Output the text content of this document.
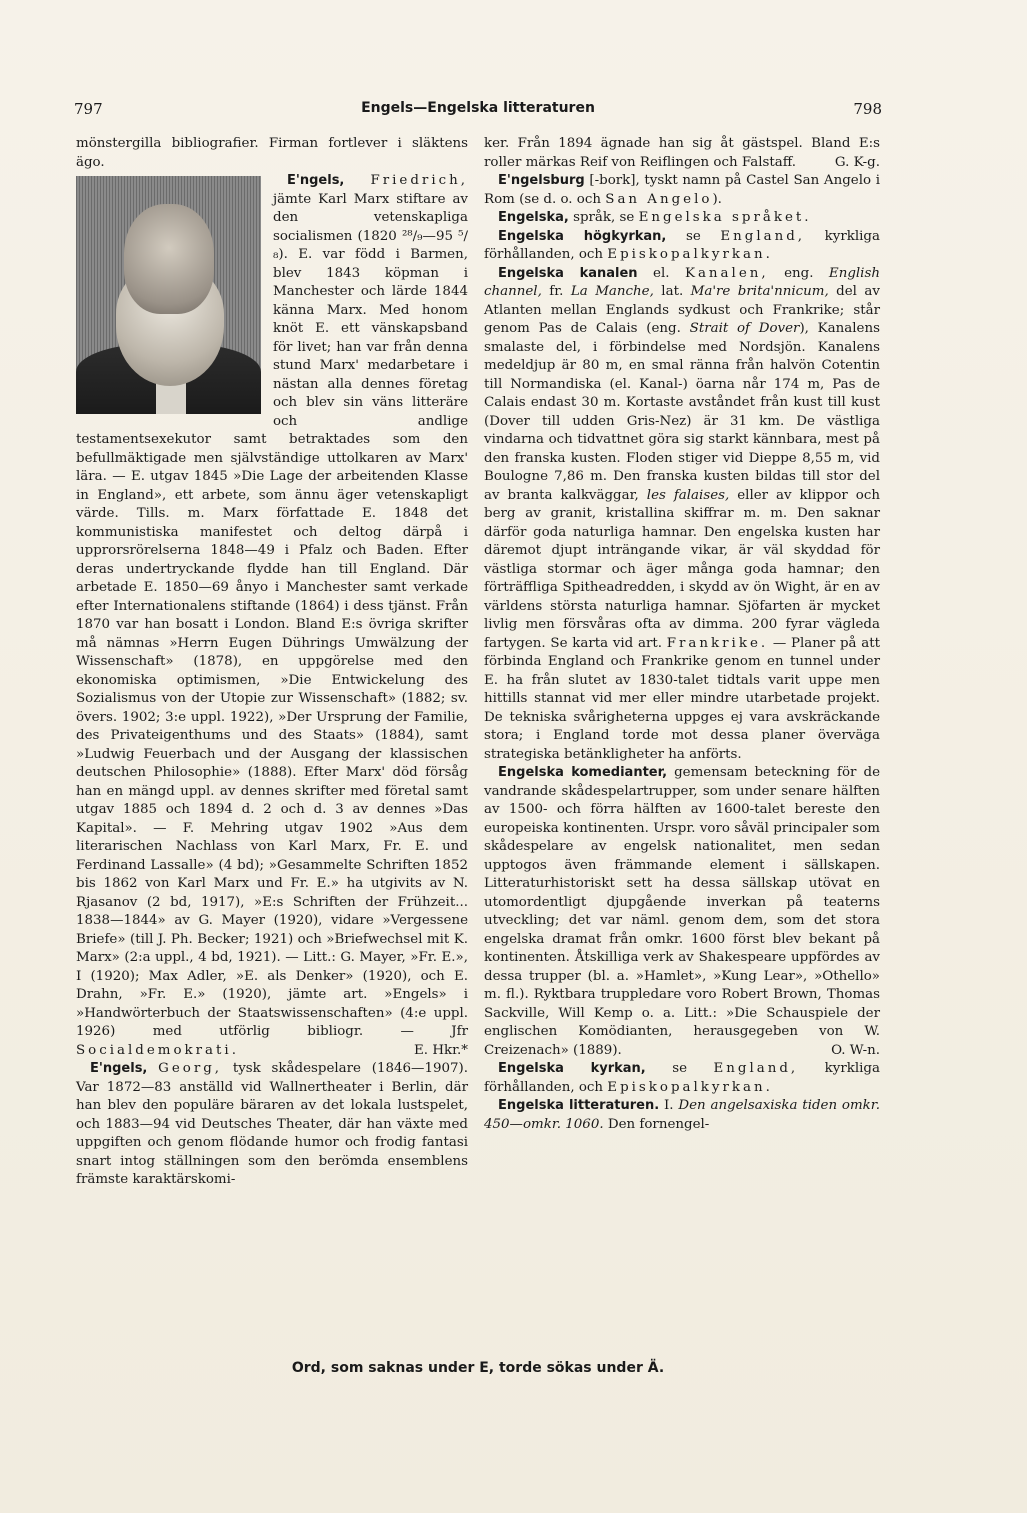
797	Engels—Engelska litteraturen	798

mönstergilla bibliografier. Firman fortlever i släktens ägo.

E'ngels, Friedrich,
jämte Karl Marx stiftare av den vetenskapliga socialismen (1820 ²⁸/₉—95 ⁵/₈). E. var född i Barmen, blev 1843 köpman i Manchester och lärde 1844 känna Marx. Med honom knöt E. ett vänskapsband för livet; han var från denna stund Marx' medarbetare i nästan alla dennes företag och blev sin väns litteräre och andlige testamentsexekutor samt betraktades som den befullmäktigade men självständige uttolkaren av Marx' lära. — E. utgav 1845 »Die Lage der arbeitenden Klasse in England», ett arbete, som ännu äger vetenskapligt värde. Tills. m. Marx författade E. 1848 det kommunistiska manifestet och deltog därpå i upprorsrörelserna 1848—49 i Pfalz och Baden. Efter deras undertryckande flydde han till England. Där arbetade E. 1850—69 ånyo i Manchester samt verkade efter Internationalens stiftande (1864) i dess tjänst. Från 1870 var han bosatt i London. Bland E:s övriga skrifter må nämnas »Herrn Eugen Dührings Umwälzung der Wissenschaft» (1878), en uppgörelse med den ekonomiska optimismen, »Die Entwickelung des Sozialismus von der Utopie zur Wissenschaft» (1882; sv. övers. 1902; 3:e uppl. 1922), »Der Ursprung der Familie, des Privateigenthums und des Staats» (1884), samt »Ludwig Feuerbach und der Ausgang der klassischen deutschen Philosophie» (1888). Efter Marx' död försåg han en mängd uppl. av dennes skrifter med företal samt utgav 1885 och 1894 d. 2 och d. 3 av dennes »Das Kapital». — F. Mehring utgav 1902 »Aus dem literarischen Nachlass von Karl Marx, Fr. E. und Ferdinand Lassalle» (4 bd); »Gesammelte Schriften 1852 bis 1862 von Karl Marx und Fr. E.» ha utgivits av N. Rjasanov (2 bd, 1917), »E:s Schriften der Frühzeit... 1838—1844» av G. Mayer (1920), vidare »Vergessene Briefe» (till J. Ph. Becker; 1921) och »Briefwechsel mit K. Marx» (2:a uppl., 4 bd, 1921). — Litt.: G. Mayer, »Fr. E.», I (1920); Max Adler, »E. als Denker» (1920), och E. Drahn, »Fr. E.» (1920), jämte art. »Engels» i »Handwörterbuch der Staatswissenschaften» (4:e uppl. 1926) med utförlig bibliogr. — Jfr Socialdemokrati.	E. Hkr.*

E'ngels, Georg, tysk skådespelare (1846—1907). Var 1872—83 anställd vid Wallnertheater i Berlin, där han blev den populäre bäraren av det lokala lustspelet, och 1883—94 vid Deutsches Theater, där han växte med uppgiften och genom flödande humor och frodig fantasi snart intog ställningen som den berömda ensemblens främste karaktärskomi-

ker. Från 1894 ägnade han sig åt gästspel. Bland E:s roller märkas Reif von Reiflingen och Falstaff.	G. K-g.

E'ngelsburg [-bork], tyskt namn på Castel San Angelo i Rom (se d. o. och San Angelo).

Engelska, språk, se Engelska språket.

Engelska högkyrkan, se England, kyrkliga förhållanden, och Episkopalkyrkan.

Engelska kanalen el. Kanalen, eng. English channel, fr. La Manche, lat. Ma're brita'nnicum, del av Atlanten mellan Englands sydkust och Frankrike; står genom Pas de Calais (eng. Strait of Dover), Kanalens smalaste del, i förbindelse med Nordsjön. Kanalens medeldjup är 80 m, en smal ränna från halvön Cotentin till Normandiska (el. Kanal-) öarna når 174 m, Pas de Calais endast 30 m. Kortaste avståndet från kust till kust (Dover till udden Gris-Nez) är 31 km. De västliga vindarna och tidvattnet göra sig starkt kännbara, mest på den franska kusten. Floden stiger vid Dieppe 8,55 m, vid Boulogne 7,86 m. Den franska kusten bildas till stor del av branta kalkväggar, les falaises, eller av klippor och berg av granit, kristallina skiffrar m. m. Den saknar därför goda naturliga hamnar. Den engelska kusten har däremot djupt inträngande vikar, är väl skyddad för västliga stormar och äger många goda hamnar; den förträffliga Spitheadredden, i skydd av ön Wight, är en av världens största naturliga hamnar. Sjöfarten är mycket livlig men försvåras ofta av dimma. 200 fyrar vägleda fartygen. Se karta vid art. Frankrike. — Planer på att förbinda England och Frankrike genom en tunnel under E. ha från slutet av 1830-talet tidtals varit uppe men hittills stannat vid mer eller mindre utarbetade projekt. De tekniska svårigheterna uppges ej vara avskräckande stora; i England torde mot dessa planer överväga strategiska betänkligheter ha anförts.

Engelska komedianter, gemensam beteckning för de vandrande skådespelartrupper, som under senare hälften av 1500- och förra hälften av 1600-talet bereste den europeiska kontinenten. Urspr. voro såväl principaler som skådespelare av engelsk nationalitet, men sedan upptogos även främmande element i sällskapen. Litteraturhistoriskt sett ha dessa sällskap utövat en utomordentligt djupgående inverkan på teaterns utveckling; det var näml. genom dem, som det stora engelska dramat från omkr. 1600 först blev bekant på kontinenten. Åtskilliga verk av Shakespeare uppfördes av dessa trupper (bl. a. »Hamlet», »Kung Lear», »Othello» m. fl.). Ryktbara truppledare voro Robert Brown, Thomas Sackville, Will Kemp o. a. Litt.: »Die Schauspiele der englischen Komödianten, herausgegeben von W. Creizenach» (1889).	O. W-n.

Engelska kyrkan, se England, kyrkliga förhållanden, och Episkopalkyrkan.

Engelska litteraturen. I. Den angelsaxiska tiden omkr. 450—omkr. 1060. Den fornengel-

Ord, som saknas under E, torde sökas under Ä.
